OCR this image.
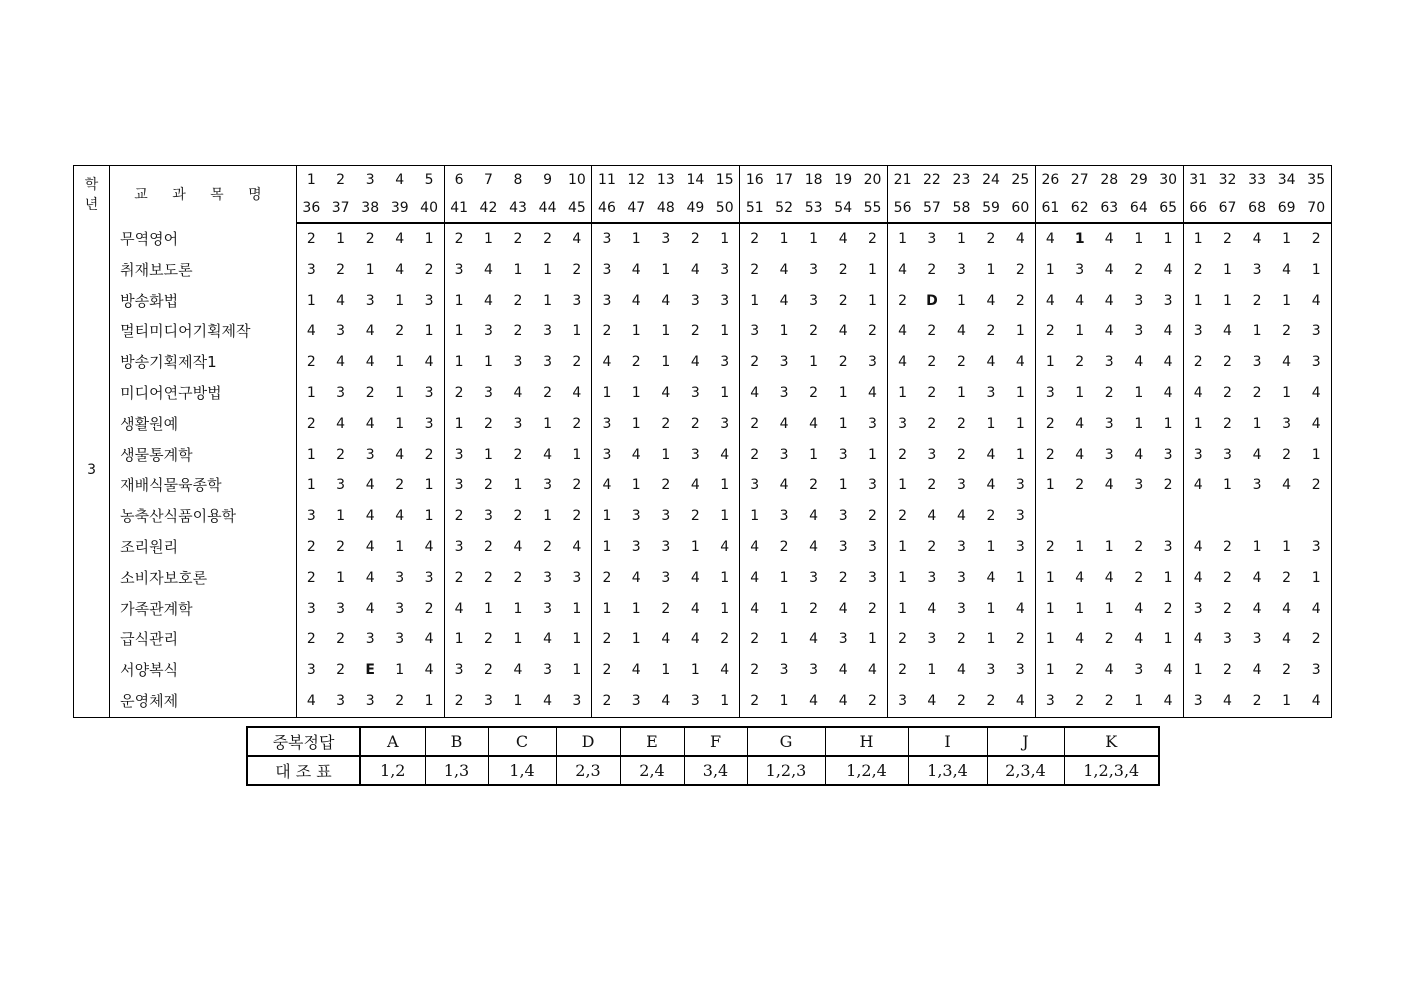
학
년	교 과 목 명	1	2	3	4	5	6	7	8	9	10	11	12	13	14	15	16	17	18	19	20	21	22	23	24	25	26	27	28	29	30	31	32	33	34	35
		36	37	38	39	40	41	42	43	44	45	46	47	48	49	50	51	52	53	54	55	56	57	58	59	60	61	62	63	64	65	66	67	68	69	70
3	무역영어	2	1	2	4	1	2	1	2	2	4	3	1	3	2	1	2	1	1	4	2	1	3	1	2	4	4	1	4	1	1	1	2	4	1	2
	취재보도론	3	2	1	4	2	3	4	1	1	2	3	4	1	4	3	2	4	3	2	1	4	2	3	1	2	1	3	4	2	4	2	1	3	4	1
	방송화법	1	4	3	1	3	1	4	2	1	3	3	4	4	3	3	1	4	3	2	1	2	D	1	4	2	4	4	4	3	3	1	1	2	1	4
	멀티미디어기획제작	4	3	4	2	1	1	3	2	3	1	2	1	1	2	1	3	1	2	4	2	4	2	4	2	1	2	1	4	3	4	3	4	1	2	3
	방송기획제작1	2	4	4	1	4	1	1	3	3	2	4	2	1	4	3	2	3	1	2	3	4	2	2	4	4	1	2	3	4	4	2	2	3	4	3
	미디어연구방법	1	3	2	1	3	2	3	4	2	4	1	1	4	3	1	4	3	2	1	4	1	2	1	3	1	3	1	2	1	4	4	2	2	1	4
	생활원예	2	4	4	1	3	1	2	3	1	2	3	1	2	2	3	2	4	4	1	3	3	2	2	1	1	2	4	3	1	1	1	2	1	3	4
	생물통계학	1	2	3	4	2	3	1	2	4	1	3	4	1	3	4	2	3	1	3	1	2	3	2	4	1	2	4	3	4	3	3	3	4	2	1
	재배식물육종학	1	3	4	2	1	3	2	1	3	2	4	1	2	4	1	3	4	2	1	3	1	2	3	4	3	1	2	4	3	2	4	1	3	4	2
	농축산식품이용학	3	1	4	4	1	2	3	2	1	2	1	3	3	2	1	1	3	4	3	2	2	4	4	2	3										
	조리원리	2	2	4	1	4	3	2	4	2	4	1	3	3	1	4	4	2	4	3	3	1	2	3	1	3	2	1	1	2	3	4	2	1	1	3
	소비자보호론	2	1	4	3	3	2	2	2	3	3	2	4	3	4	1	4	1	3	2	3	1	3	3	4	1	1	4	4	2	1	4	2	4	2	1
	가족관계학	3	3	4	3	2	4	1	1	3	1	1	1	2	4	1	4	1	2	4	2	1	4	3	1	4	1	1	1	4	2	3	2	4	4	4
	급식관리	2	2	3	3	4	1	2	1	4	1	2	1	4	4	2	2	1	4	3	1	2	3	2	1	2	1	4	2	4	1	4	3	3	4	2
	서양복식	3	2	E	1	4	3	2	4	3	1	2	4	1	1	4	2	3	3	4	4	2	1	4	3	3	1	2	4	3	4	1	2	4	2	3
	운영체제	4	3	3	2	1	2	3	1	4	3	2	3	4	3	1	2	1	4	4	2	3	4	2	2	4	3	2	2	1	4	3	4	2	1	4
중복정답	A	B	C	D	E	F	G	H	I	J	K
대 조 표	1,2	1,3	1,4	2,3	2,4	3,4	1,2,3	1,2,4	1,3,4	2,3,4	1,2,3,4
